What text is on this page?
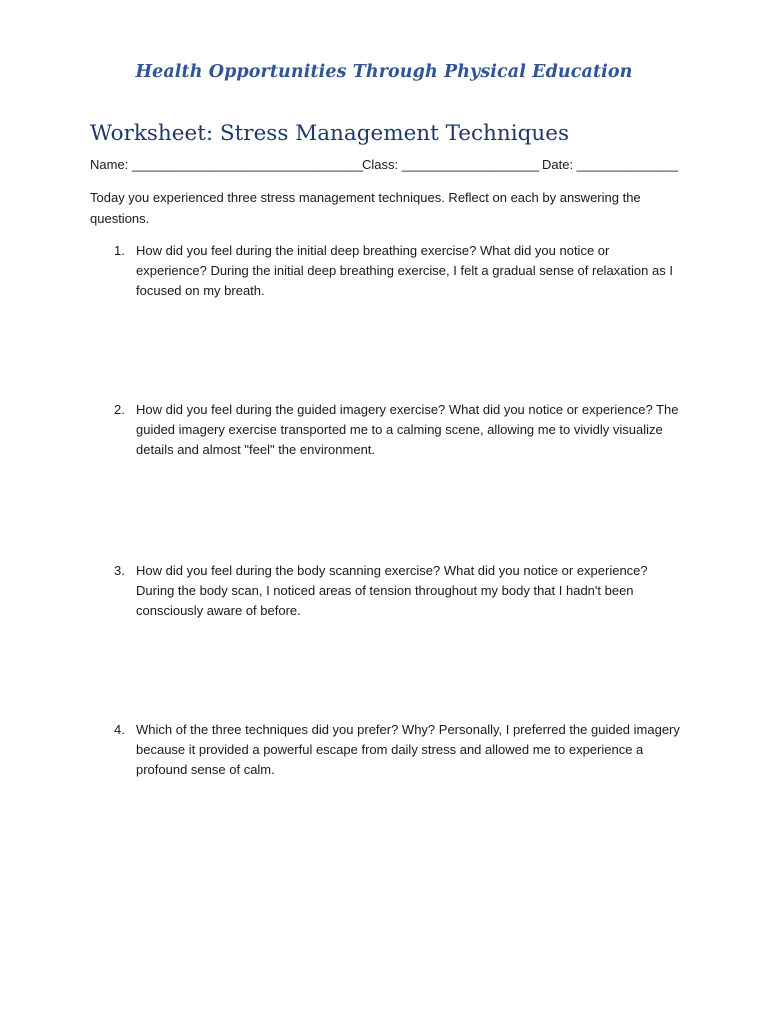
Health Opportunities Through Physical Education
Worksheet: Stress Management Techniques
Name: ________________________________
Class: ___________________ Date: ______________
Today you experienced three stress management techniques. Reflect on each by answering the questions.
1. How did you feel during the initial deep breathing exercise? What did you notice or experience? During the initial deep breathing exercise, I felt a gradual sense of relaxation as I focused on my breath.
2. How did you feel during the guided imagery exercise? What did you notice or experience? The guided imagery exercise transported me to a calming scene, allowing me to vividly visualize details and almost "feel" the environment.
3. How did you feel during the body scanning exercise? What did you notice or experience? During the body scan, I noticed areas of tension throughout my body that I hadn't been consciously aware of before.
4. Which of the three techniques did you prefer? Why? Personally, I preferred the guided imagery because it provided a powerful escape from daily stress and allowed me to experience a profound sense of calm.
